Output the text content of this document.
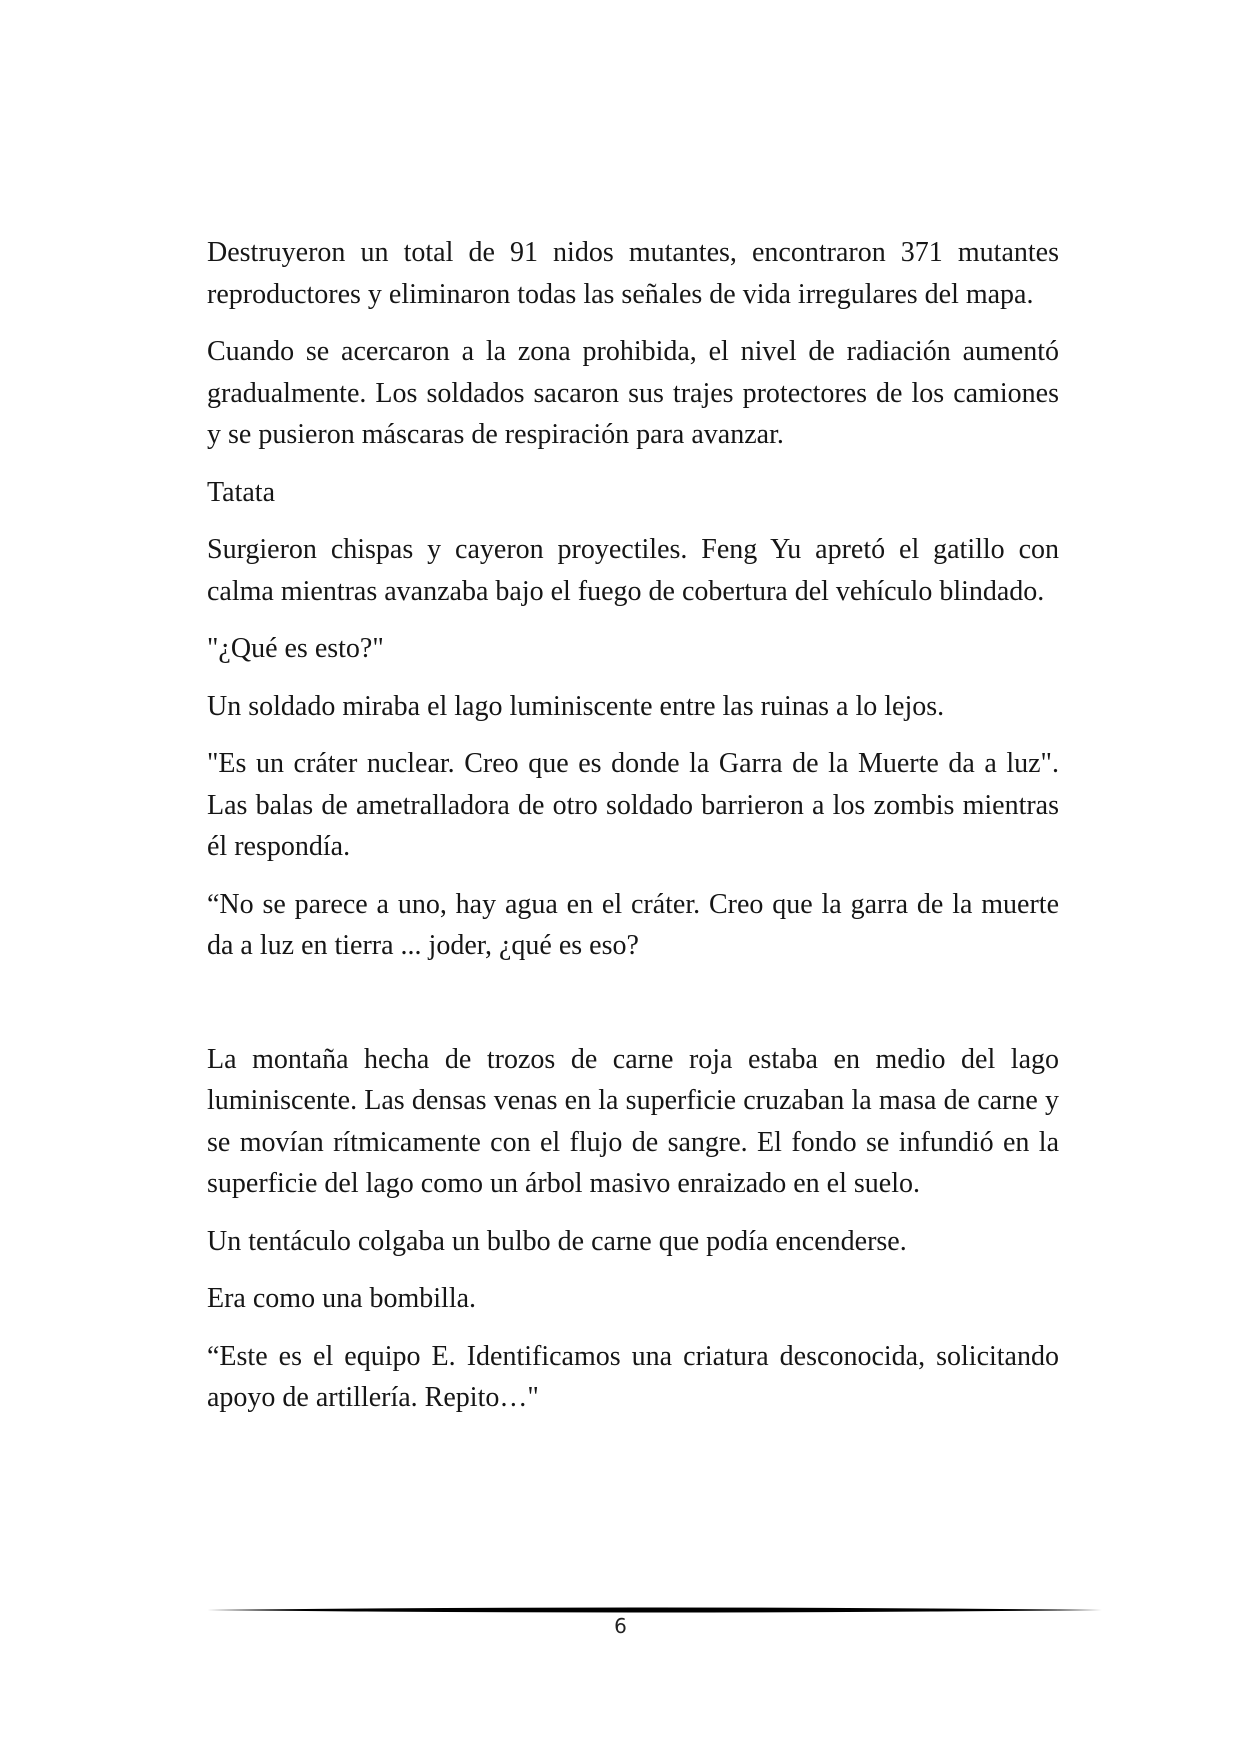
Destruyeron un total de 91 nidos mutantes, encontraron 371 mutantes reproductores y eliminaron todas las señales de vida irregulares del mapa.

Cuando se acercaron a la zona prohibida, el nivel de radiación aumentó gradualmente. Los soldados sacaron sus trajes protectores de los camiones y se pusieron máscaras de respiración para avanzar.

Tatata

Surgieron chispas y cayeron proyectiles. Feng Yu apretó el gatillo con calma mientras avanzaba bajo el fuego de cobertura del vehículo blindado.

"¿Qué es esto?"

Un soldado miraba el lago luminiscente entre las ruinas a lo lejos.

"Es un cráter nuclear. Creo que es donde la Garra de la Muerte da a luz". Las balas de ametralladora de otro soldado barrieron a los zombis mientras él respondía.

“No se parece a uno, hay agua en el cráter. Creo que la garra de la muerte da a luz en tierra ... joder, ¿qué es eso?

La montaña hecha de trozos de carne roja estaba en medio del lago luminiscente. Las densas venas en la superficie cruzaban la masa de carne y se movían rítmicamente con el flujo de sangre. El fondo se infundió en la superficie del lago como un árbol masivo enraizado en el suelo.

Un tentáculo colgaba un bulbo de carne que podía encenderse.

Era como una bombilla.

“Este es el equipo E. Identificamos una criatura desconocida, solicitando apoyo de artillería. Repito…"

6
